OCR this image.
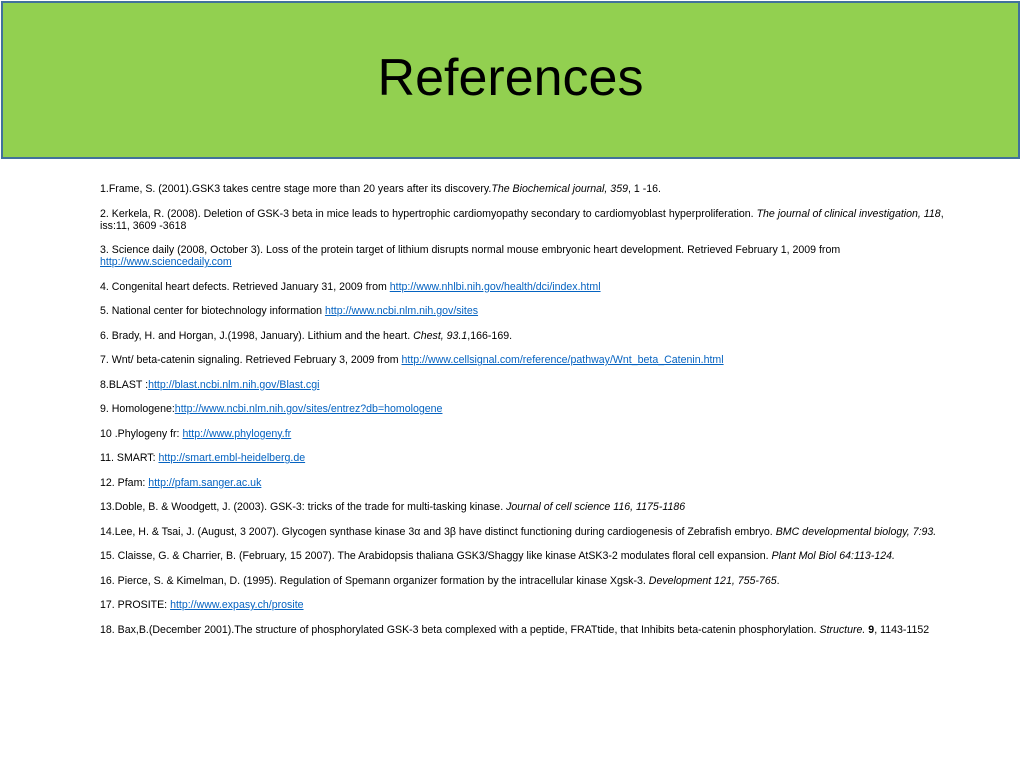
References

1.Frame, S. (2001).GSK3 takes centre stage more than 20 years after its discovery.The Biochemical journal, 359, 1 -16.

2. Kerkela, R. (2008). Deletion of GSK-3 beta in mice leads to hypertrophic cardiomyopathy secondary to cardiomyoblast hyperproliferation. The journal of clinical investigation, 118, iss:11, 3609 -3618

3. Science daily (2008, October 3). Loss of the protein target of lithium disrupts normal mouse embryonic heart development. Retrieved February 1, 2009 from http://www.sciencedaily.com

4. Congenital heart defects. Retrieved January 31, 2009 from http://www.nhlbi.nih.gov/health/dci/index.html

5. National center for biotechnology information http://www.ncbi.nlm.nih.gov/sites

6. Brady, H. and Horgan, J.(1998, January). Lithium and the heart. Chest, 93.1,166-169.

7. Wnt/ beta-catenin signaling. Retrieved February 3, 2009 from http://www.cellsignal.com/reference/pathway/Wnt_beta_Catenin.html

8.BLAST :http://blast.ncbi.nlm.nih.gov/Blast.cgi

9. Homologene:http://www.ncbi.nlm.nih.gov/sites/entrez?db=homologene

10 .Phylogeny fr: http://www.phylogeny.fr

11. SMART: http://smart.embl-heidelberg.de

12. Pfam: http://pfam.sanger.ac.uk

13.Doble, B. & Woodgett, J. (2003). GSK-3: tricks of the trade for multi-tasking kinase. Journal of cell science 116, 1175-1186

14.Lee, H. & Tsai, J. (August, 3 2007). Glycogen synthase kinase 3α and 3β have distinct functioning during cardiogenesis of Zebrafish embryo. BMC developmental biology, 7:93.

15. Claisse, G. & Charrier, B. (February, 15 2007). The Arabidopsis thaliana GSK3/Shaggy like kinase AtSK3-2 modulates floral cell expansion. Plant Mol Biol 64:113-124.

16. Pierce, S. & Kimelman, D. (1995). Regulation of Spemann organizer formation by the intracellular kinase Xgsk-3. Development 121, 755-765.

17. PROSITE: http://www.expasy.ch/prosite

18. Bax,B.(December 2001).The structure of phosphorylated GSK-3 beta complexed with a peptide, FRATtide, that Inhibits beta-catenin phosphorylation. Structure. 9, 1143-1152
